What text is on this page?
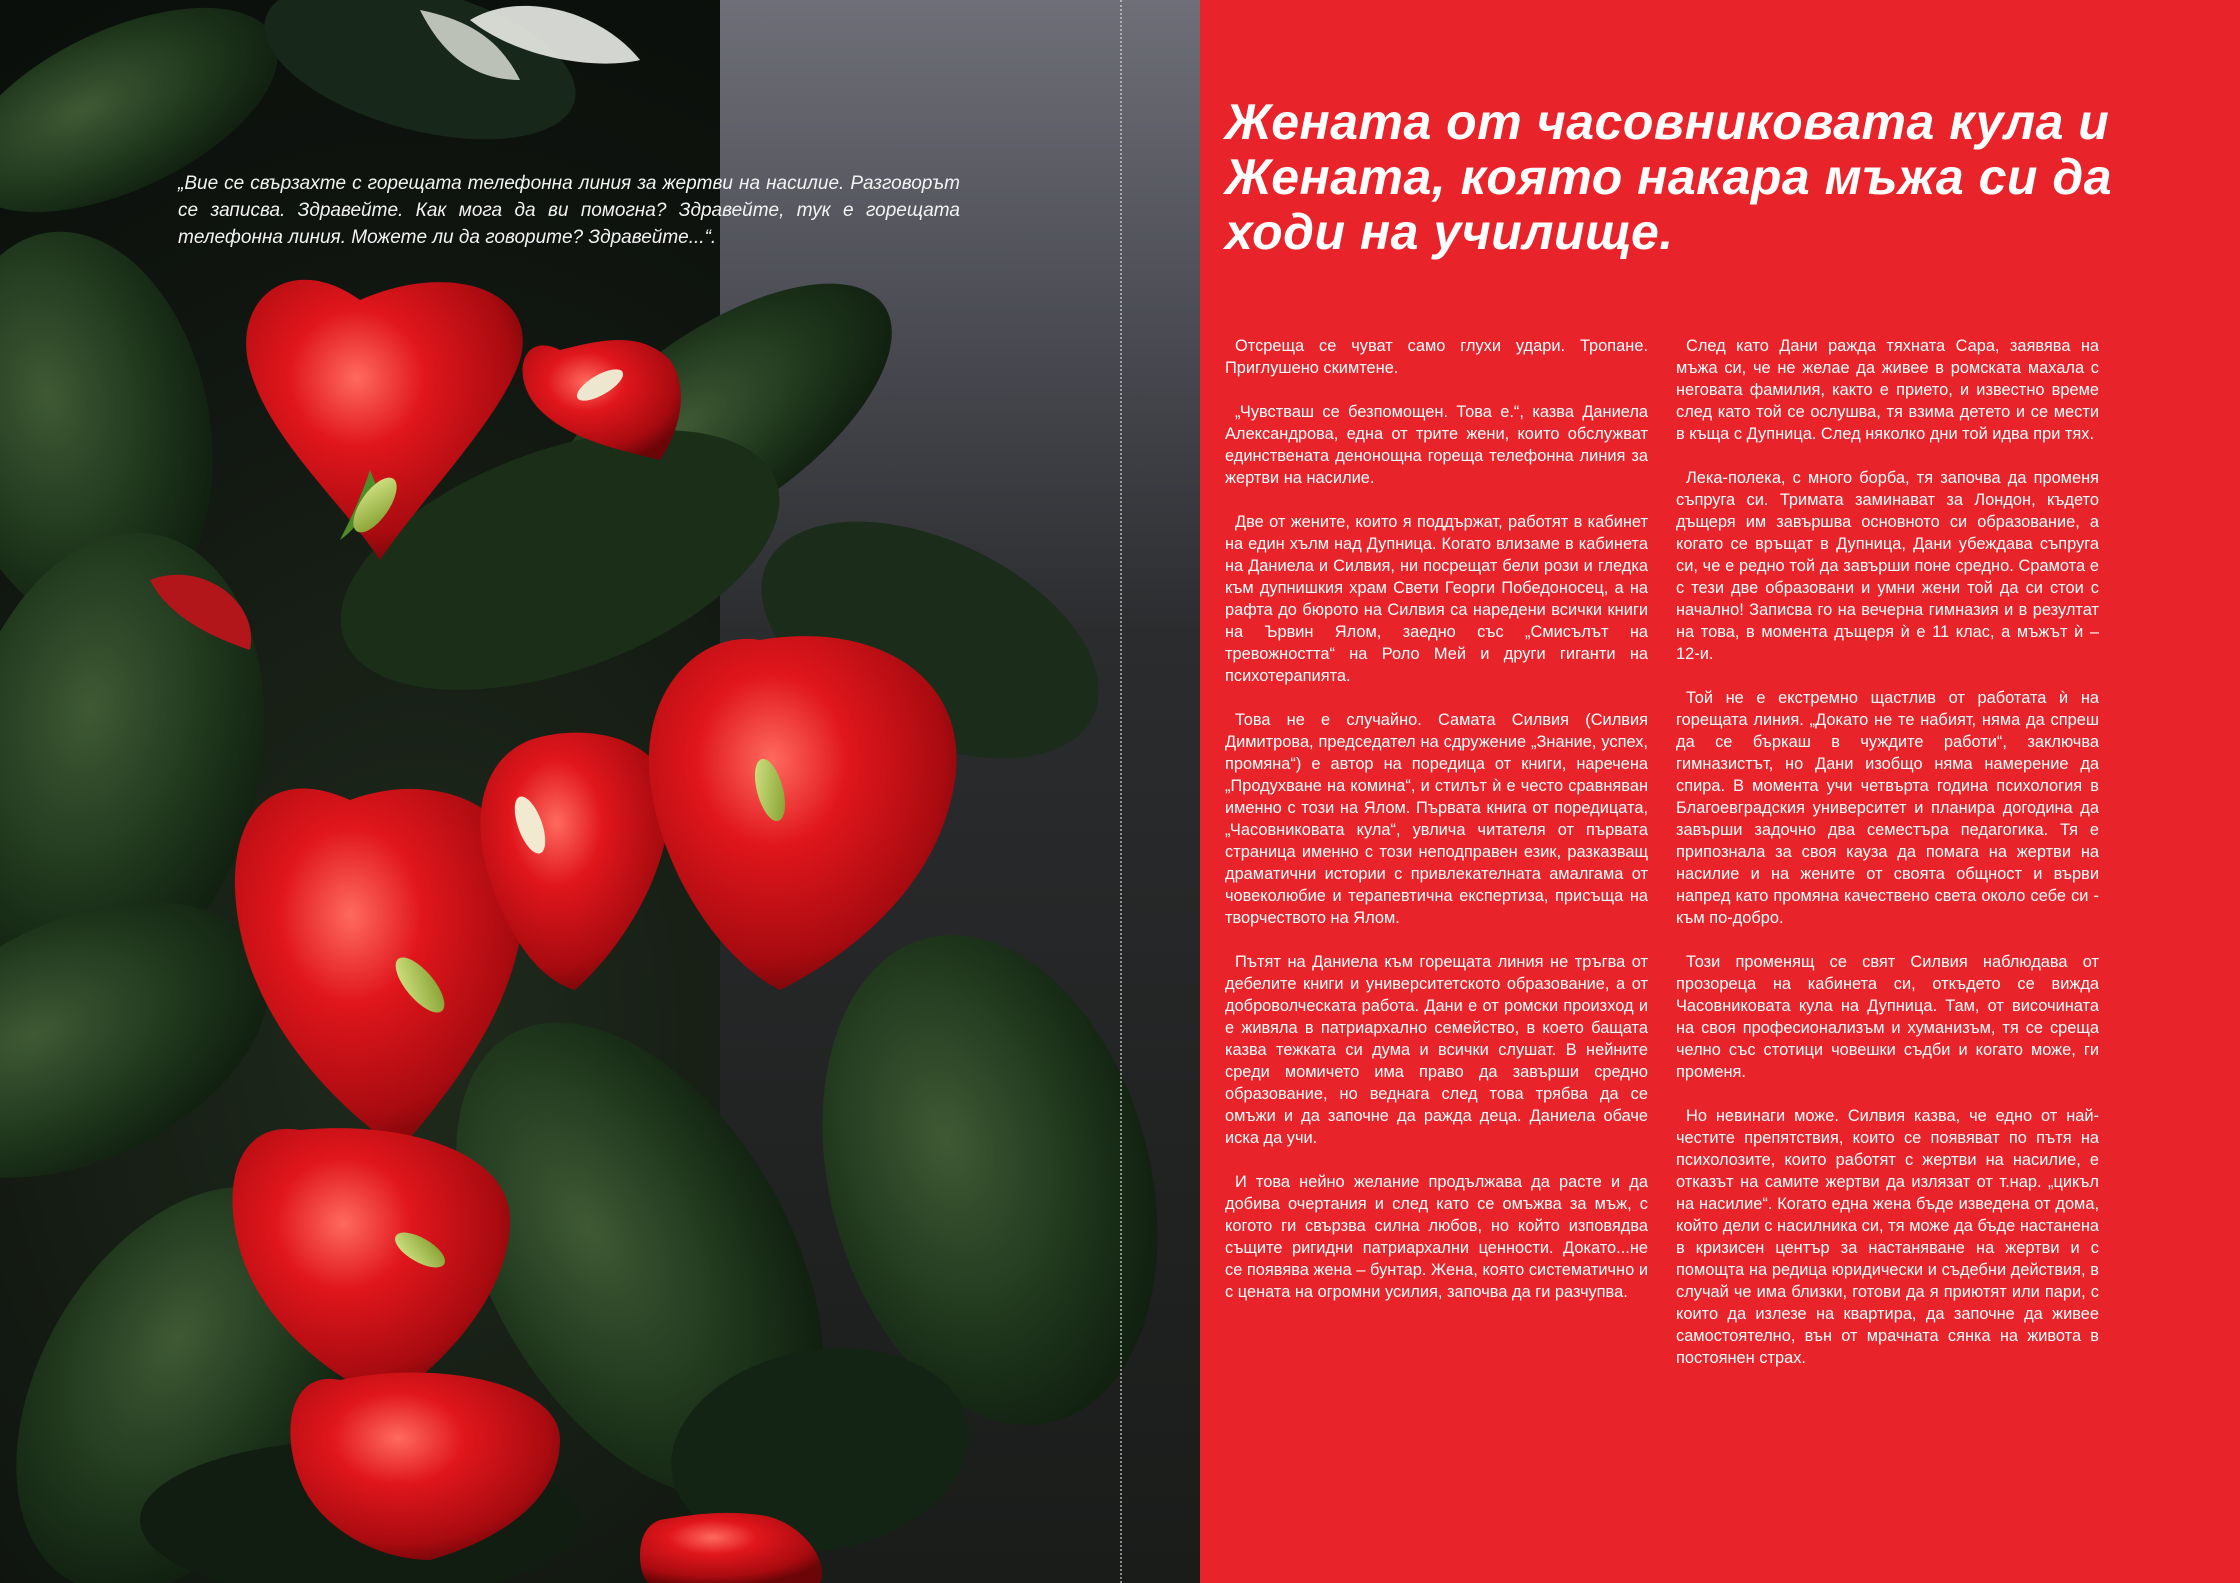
„Вие се свързахте с горещата телефонна линия за жертви на насилие. Разговорът се записва. Здравейте. Как мога да ви помогна? Здравейте, тук е горещата телефонна линия. Можете ли да говорите? Здравейте...“.

Жената от часовниковата кула и Жената, която накара мъжа си да ходи на училище.

Отсреща се чуват само глухи удари. Тропане. Приглушено скимтене.

„Чувстваш се безпомощен. Това е.“, казва Даниела Александрова, една от трите жени, които обслужват единствената денонощна гореща телефонна линия за жертви на насилие.

Две от жените, които я поддържат, работят в кабинет на един хълм над Дупница. Когато влизаме в кабинета на Даниела и Силвия, ни посрещат бели рози и гледка към дупнишкия храм Свети Георги Победоносец, а на рафта до бюрото на Силвия са наредени всички книги на Ървин Ялом, заедно със „Смисълът на тревожността“ на Роло Мей и други гиганти на психотерапията.

Това не е случайно. Самата Силвия (Силвия Димитрова, председател на сдружение „Знание, успех, промяна“) е автор на поредица от книги, наречена „Продухване на комина“, и стилът ѝ е често сравняван именно с този на Ялом. Първата книга от поредицата, „Часовниковата кула“, увлича читателя от първата страница именно с този неподправен език, разказващ драматични истории с привлекателната амалгама от човеколюбие и терапевтична експертиза, присъща на творчеството на Ялом.

Пътят на Даниела към горещата линия не тръгва от дебелите книги и университетското образование, а от доброволческата работа. Дани е от ромски произход и е живяла в патриархално семейство, в което бащата казва тежката си дума и всички слушат. В нейните среди момичето има право да завърши средно образование, но веднага след това трябва да се омъжи и да започне да ражда деца. Даниела обаче иска да учи.

И това нейно желание продължава да расте и да добива очертания и след като се омъжва за мъж, с когото ги свързва силна любов, но който изповядва същите ригидни патриархални ценности. Докато...не се появява жена – бунтар. Жена, която систематично и с цената на огромни усилия, започва да ги разчупва.

След като Дани ражда тяхната Сара, заявява на мъжа си, че не желае да живее в ромската махала с неговата фамилия, както е прието, и известно време след като той се ослушва, тя взима детето и се мести в къща с Дупница. След няколко дни той идва при тях.

Лека-полека, с много борба, тя започва да променя съпруга си. Тримата заминават за Лондон, където дъщеря им завършва основното си образование, а когато се връщат в Дупница, Дани убеждава съпруга си, че е редно той да завърши поне средно. Срамота е с тези две образовани и умни жени той да си стои с начално! Записва го на вечерна гимназия и в резултат на това, в момента дъщеря ѝ е 11 клас, а мъжът ѝ – 12-и.

Той не е екстремно щастлив от работата ѝ на горещата линия. „Докато не те набият, няма да спреш да се бъркаш в чуждите работи“, заключва гимназистът, но Дани изобщо няма намерение да спира. В момента учи четвърта година психология в Благоевградския университет и планира догодина да завърши задочно два семестъра педагогика. Тя е припознала за своя кауза да помага на жертви на насилие и на жените от своята общност и върви напред като промяна качествено света около себе си - към по-добро.

Този променящ се свят Силвия наблюдава от прозореца на кабинета си, откъдето се вижда Часовниковата кула на Дупница. Там, от височината на своя професионализъм и хуманизъм, тя се среща челно със стотици човешки съдби и когато може, ги променя.

Но невинаги може. Силвия казва, че едно от най-честите препятствия, които се появяват по пътя на психолозите, които работят с жертви на насилие, е отказът на самите жертви да излязат от т.нар. „цикъл на насилие“. Когато една жена бъде изведена от дома, който дели с насилника си, тя може да бъде настанена в кризисен център за настаняване на жертви и с помощта на редица юридически и съдебни действия, в случай че има близки, готови да я приютят или пари, с които да излезе на квартира, да започне да живее самостоятелно, вън от мрачната сянка на живота в постоянен страх.
